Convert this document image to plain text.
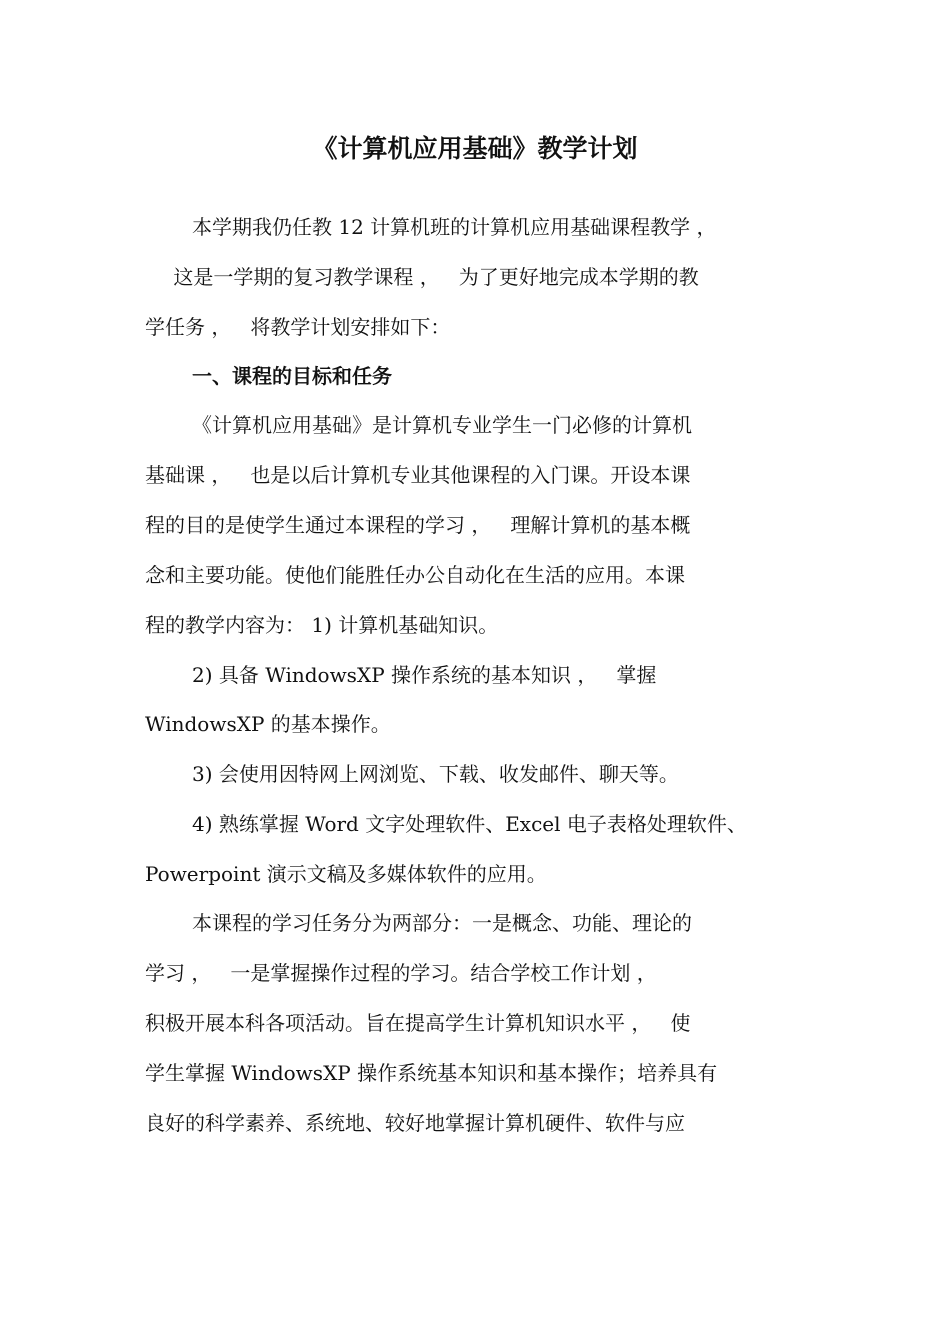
《计算机应用基础》教学计划
本学期我仍任教 12 计算机班的计算机应用基础课程教学 ，
这是一学期的复习教学课程 ，   为了更好地完成本学期的教
学任务 ，   将教学计划安排如下：
一、课程的目标和任务
《计算机应用基础》是计算机专业学生一门必修的计算机
基础课 ，   也是以后计算机专业其他课程的入门课。开设本课
程的目的是使学生通过本课程的学习 ，   理解计算机的基本概
念和主要功能。使他们能胜任办公自动化在生活的应用。本课
程的教学内容为： 1) 计算机基础知识。
2) 具备 WindowsXP 操作系统的基本知识 ，   掌握
WindowsXP 的基本操作。
3) 会使用因特网上网浏览、下载、收发邮件、聊天等。
4) 熟练掌握 Word 文字处理软件、Excel 电子表格处理软件、
Powerpoint 演示文稿及多媒体软件的应用。
本课程的学习任务分为两部分：一是概念、功能、理论的
学习 ，   一是掌握操作过程的学习。结合学校工作计划 ，
积极开展本科各项活动。旨在提高学生计算机知识水平 ，   使
学生掌握 WindowsXP 操作系统基本知识和基本操作；培养具有
良好的科学素养、系统地、较好地掌握计算机硬件、软件与应
